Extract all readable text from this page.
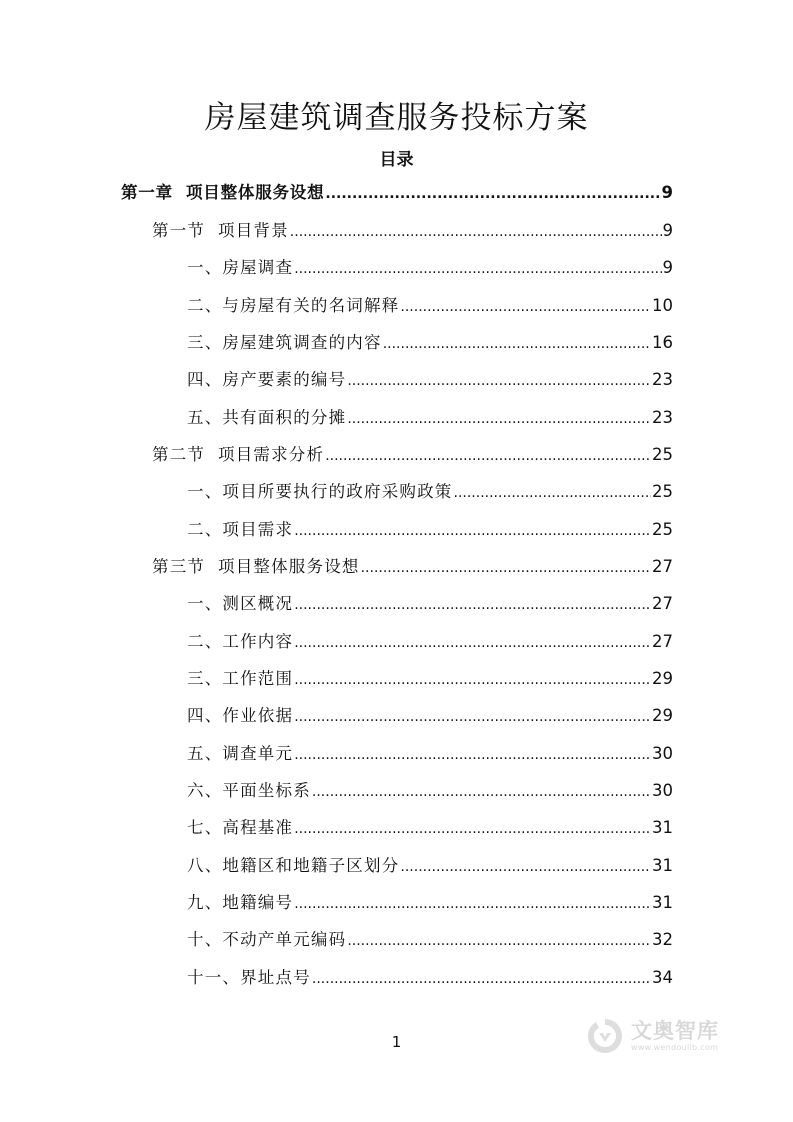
房屋建筑调查服务投标方案
目录
第一章  项目整体服务设想 .....	9
第一节  项目背景 .....	9
一、房屋调查 .....	9
二、与房屋有关的名词解释 .....	10
三、房屋建筑调查的内容 .....	16
四、房产要素的编号 .....	23
五、共有面积的分摊 .....	23
第二节  项目需求分析 .....	25
一、项目所要执行的政府采购政策 .....	25
二、项目需求 .....	25
第三节  项目整体服务设想 .....	27
一、测区概况 .....	27
二、工作内容 .....	27
三、工作范围 .....	29
四、作业依据 .....	29
五、调查单元 .....	30
六、平面坐标系 .....	30
七、高程基准 .....	31
八、地籍区和地籍子区划分 .....	31
九、地籍编号 .....	31
十、不动产单元编码 .....	32
十一、界址点号 .....	34
1	文奥智库
www.wendoulib.com
